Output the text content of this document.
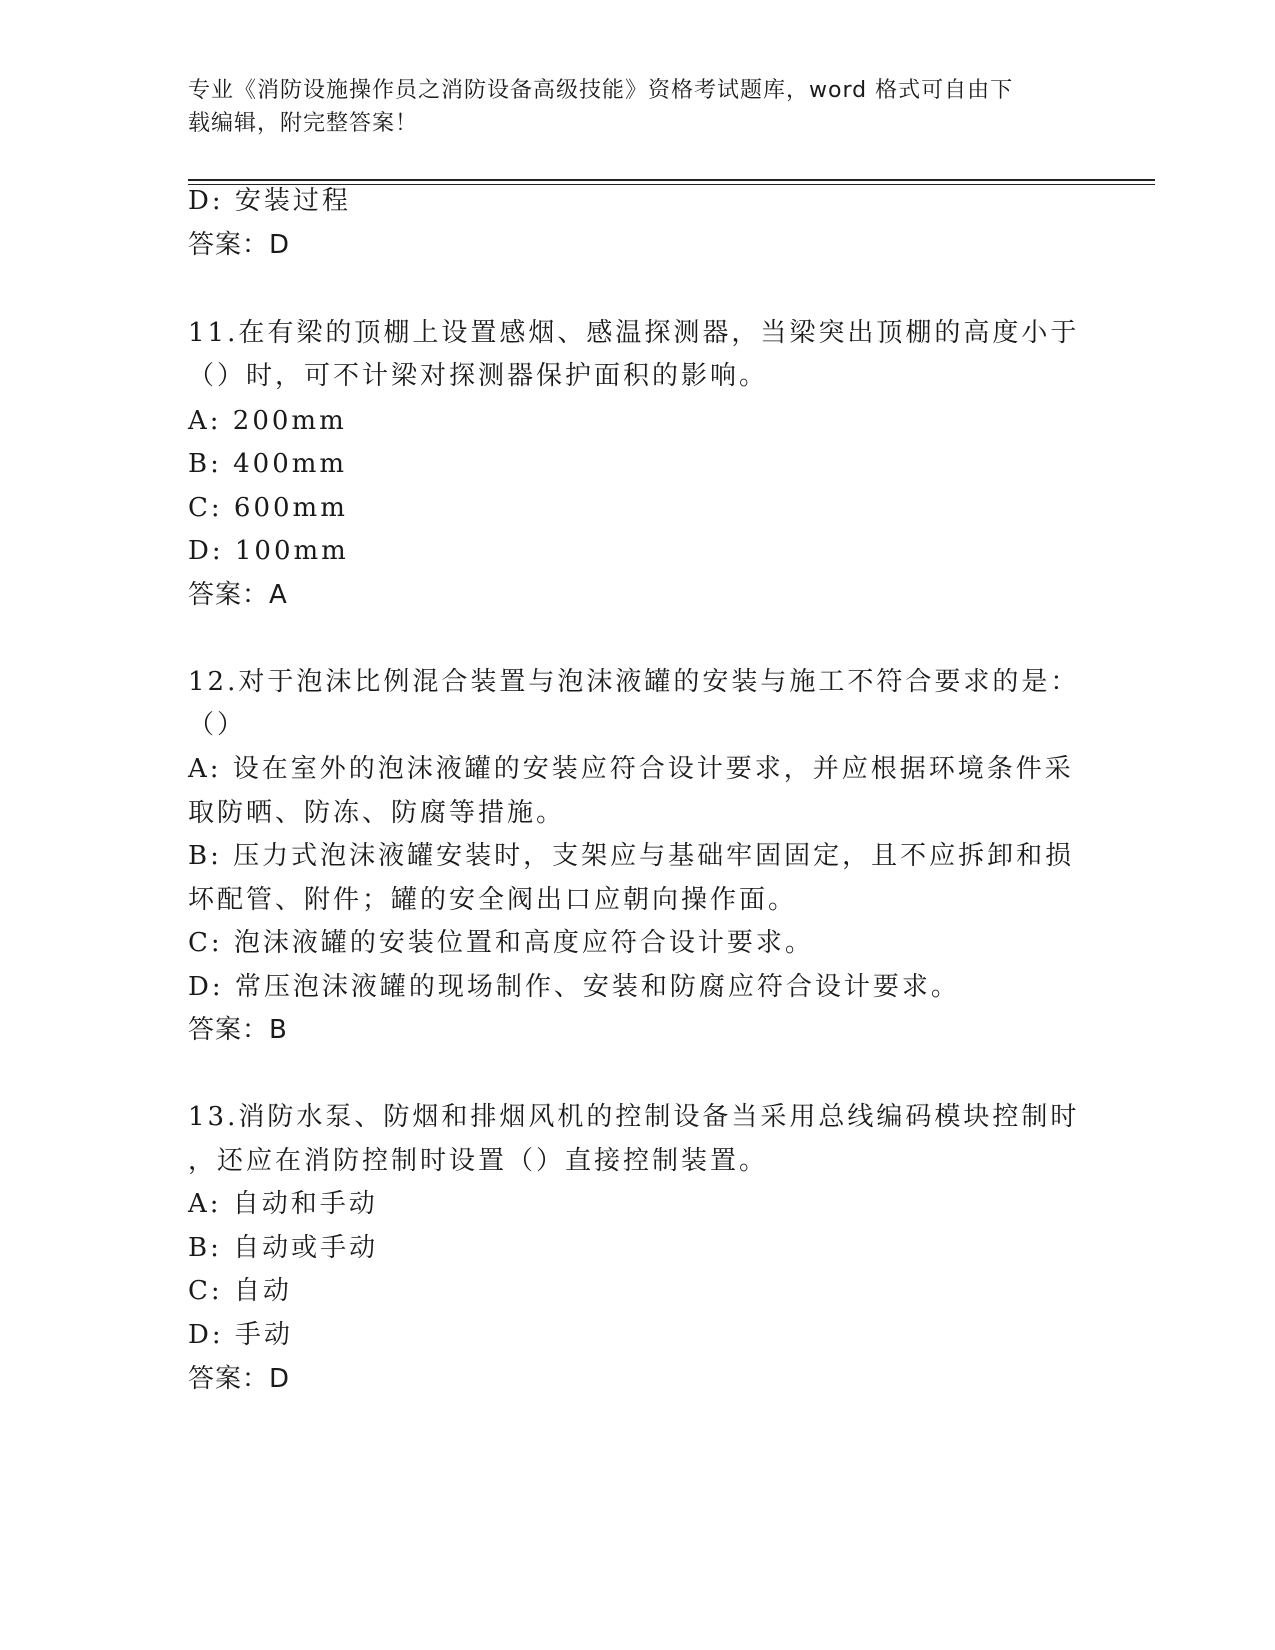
专业《消防设施操作员之消防设备高级技能》资格考试题库，word 格式可自由下
载编辑，附完整答案！
D: 安装过程
答案：D
11.在有梁的顶棚上设置感烟、感温探测器，当梁突出顶棚的高度小于
（）时，可不计梁对探测器保护面积的影响。
A: 200mm
B: 400mm
C: 600mm
D: 100mm
答案：A
12.对于泡沫比例混合装置与泡沫液罐的安装与施工不符合要求的是：
（）
A: 设在室外的泡沫液罐的安装应符合设计要求，并应根据环境条件采
取防晒、防冻、防腐等措施。
B: 压力式泡沫液罐安装时，支架应与基础牢固固定，且不应拆卸和损
坏配管、附件；罐的安全阀出口应朝向操作面。
C: 泡沫液罐的安装位置和高度应符合设计要求。
D: 常压泡沫液罐的现场制作、安装和防腐应符合设计要求。
答案：B
13.消防水泵、防烟和排烟风机的控制设备当采用总线编码模块控制时
，还应在消防控制时设置（）直接控制装置。
A: 自动和手动
B: 自动或手动
C: 自动
D: 手动
答案：D
